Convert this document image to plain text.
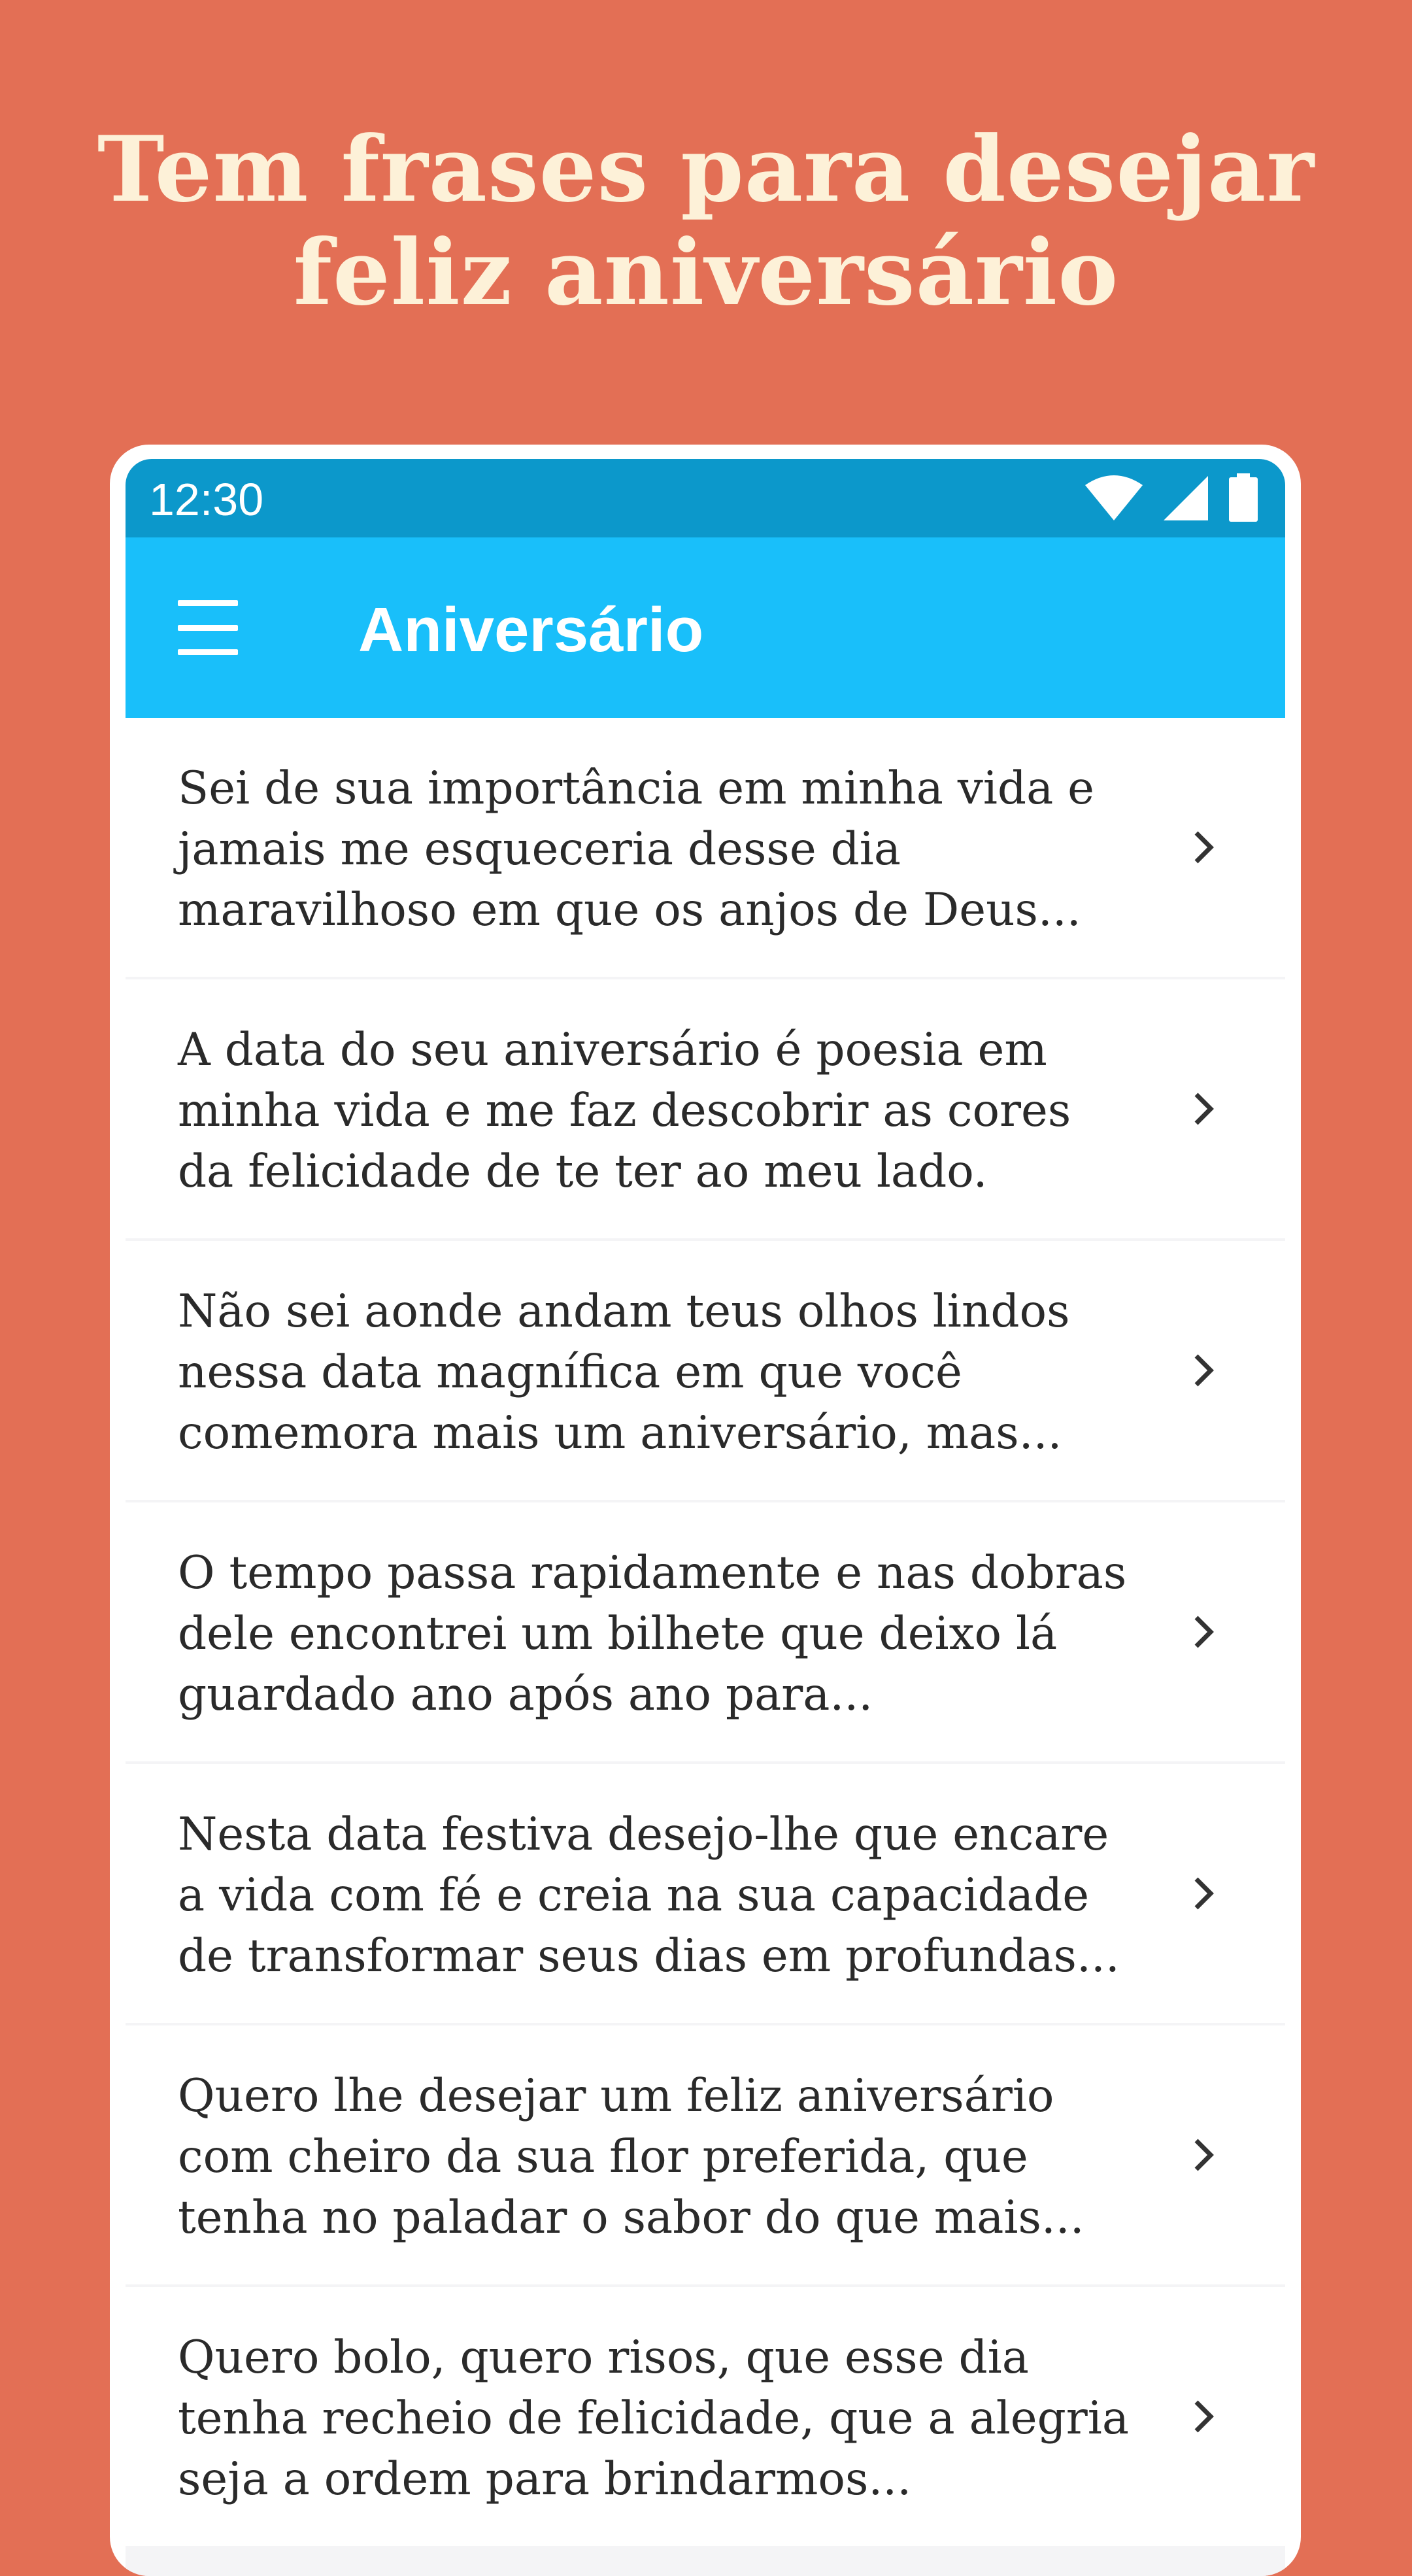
Tem frases para desejar
feliz aniversário
12:30
Aniversário
Sei de sua importância em minha vida e jamais me esqueceria desse dia maravilhoso em que os anjos de Deus...
A data do seu aniversário é poesia em minha vida e me faz descobrir as cores da felicidade de te ter ao meu lado.
Não sei aonde andam teus olhos lindos nessa data magnífica em que você comemora mais um aniversário, mas...
O tempo passa rapidamente e nas dobras dele encontrei um bilhete que deixo lá guardado ano após ano para...
Nesta data festiva desejo-lhe que encare a vida com fé e creia na sua capacidade de transformar seus dias em profundas...
Quero lhe desejar um feliz aniversário com cheiro da sua flor preferida, que tenha no paladar o sabor do que mais...
Quero bolo, quero risos, que esse dia tenha recheio de felicidade, que a alegria seja a ordem para brindarmos...
